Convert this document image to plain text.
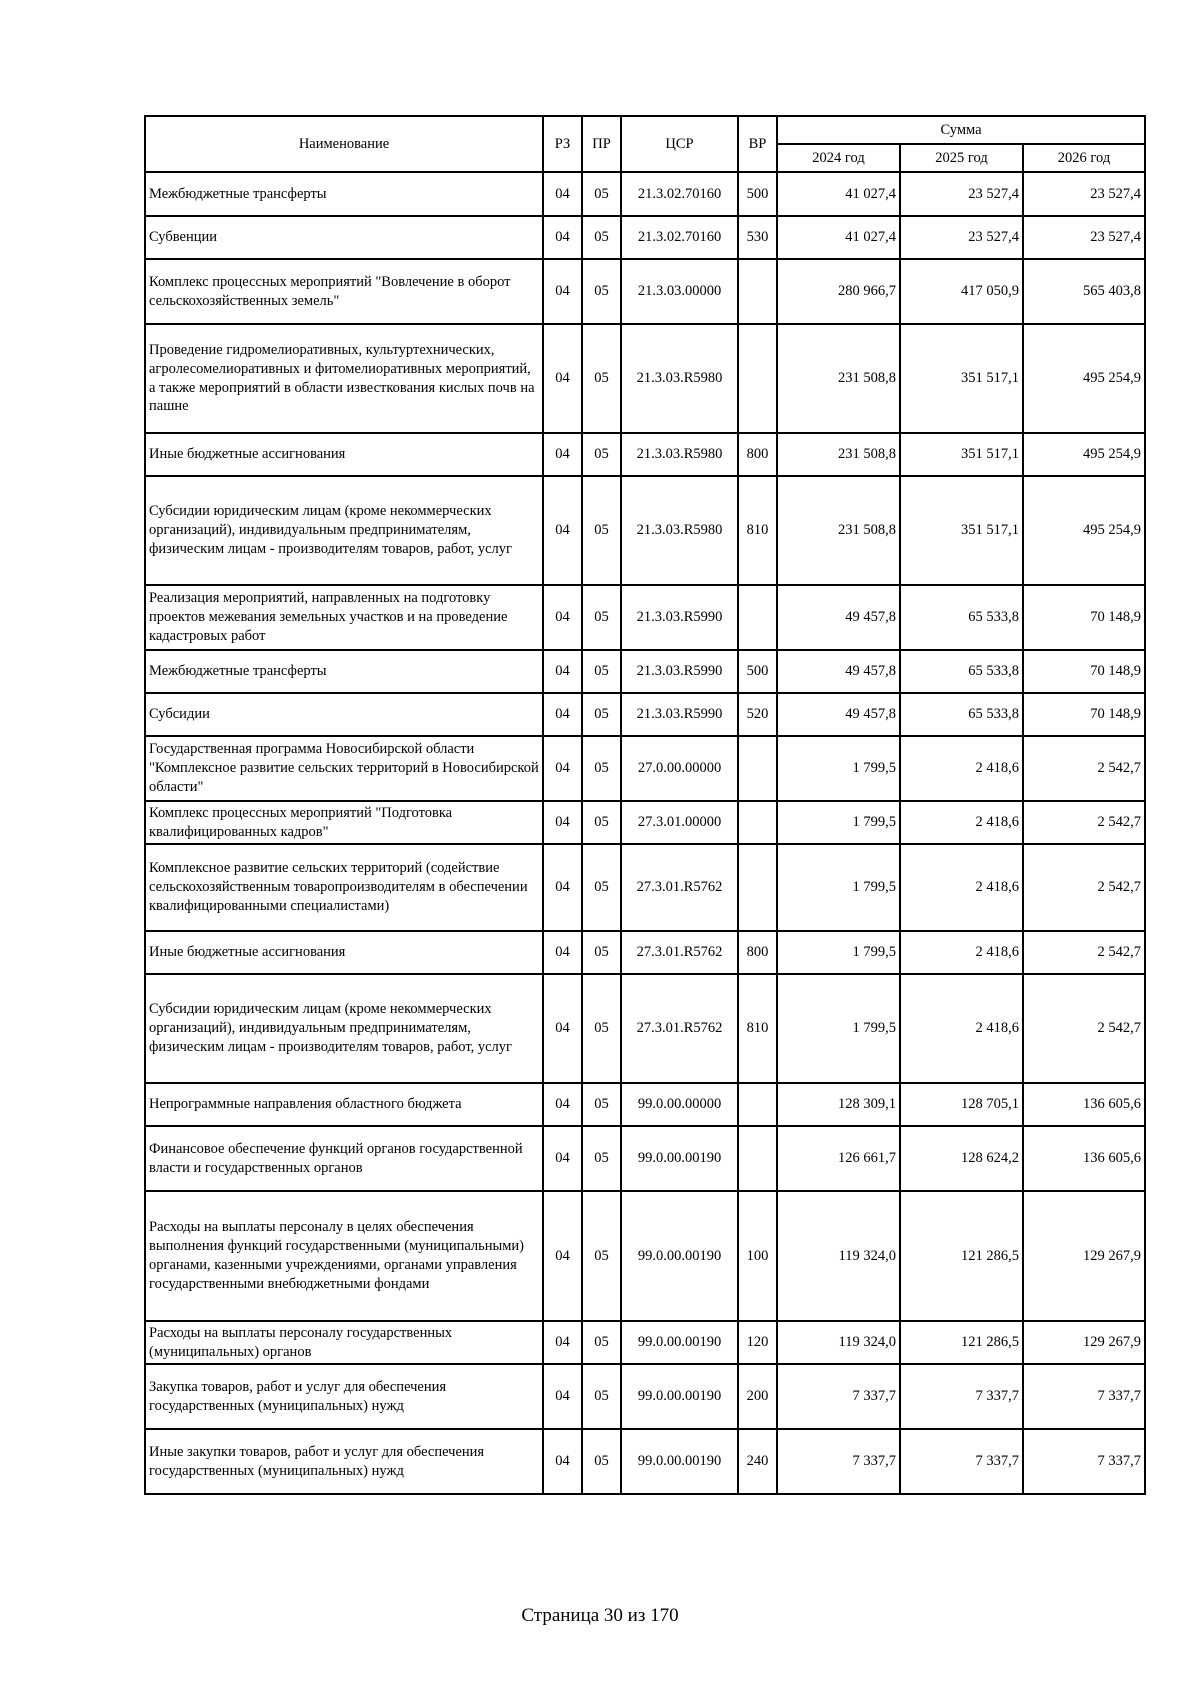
Наименование	РЗ	ПР	ЦСР	ВР	Сумма		
					2024 год	2025 год	2026 год
Межбюджетные трансферты	04	05	21.3.02.70160	500	41 027,4	23 527,4	23 527,4
Субвенции	04	05	21.3.02.70160	530	41 027,4	23 527,4	23 527,4
Комплекс процессных мероприятий "Вовлечение в оборот сельскохозяйственных земель"	04	05	21.3.03.00000		280 966,7	417 050,9	565 403,8
Проведение гидромелиоративных, культуртехнических, агролесомелиоративных и фитомелиоративных мероприятий, а также мероприятий в области известкования кислых почв на пашне	04	05	21.3.03.R5980		231 508,8	351 517,1	495 254,9
Иные бюджетные ассигнования	04	05	21.3.03.R5980	800	231 508,8	351 517,1	495 254,9
Субсидии юридическим лицам (кроме некоммерческих организаций), индивидуальным предпринимателям, физическим лицам - производителям товаров, работ, услуг	04	05	21.3.03.R5980	810	231 508,8	351 517,1	495 254,9
Реализация мероприятий, направленных на подготовку проектов межевания земельных участков и на проведение кадастровых работ	04	05	21.3.03.R5990		49 457,8	65 533,8	70 148,9
Межбюджетные трансферты	04	05	21.3.03.R5990	500	49 457,8	65 533,8	70 148,9
Субсидии	04	05	21.3.03.R5990	520	49 457,8	65 533,8	70 148,9
Государственная программа Новосибирской области "Комплексное развитие сельских территорий в Новосибирской области"	04	05	27.0.00.00000		1 799,5	2 418,6	2 542,7
Комплекс процессных мероприятий "Подготовка квалифицированных кадров"	04	05	27.3.01.00000		1 799,5	2 418,6	2 542,7
Комплексное развитие сельских территорий (содействие сельскохозяйственным товаропроизводителям в обеспечении квалифицированными специалистами)	04	05	27.3.01.R5762		1 799,5	2 418,6	2 542,7
Иные бюджетные ассигнования	04	05	27.3.01.R5762	800	1 799,5	2 418,6	2 542,7
Субсидии юридическим лицам (кроме некоммерческих организаций), индивидуальным предпринимателям, физическим лицам - производителям товаров, работ, услуг	04	05	27.3.01.R5762	810	1 799,5	2 418,6	2 542,7
Непрограммные направления областного бюджета	04	05	99.0.00.00000		128 309,1	128 705,1	136 605,6
Финансовое обеспечение функций органов государственной власти и государственных органов	04	05	99.0.00.00190		126 661,7	128 624,2	136 605,6
Расходы на выплаты персоналу в целях обеспечения выполнения функций государственными (муниципальными) органами, казенными учреждениями, органами управления государственными внебюджетными фондами	04	05	99.0.00.00190	100	119 324,0	121 286,5	129 267,9
Расходы на выплаты персоналу государственных (муниципальных) органов	04	05	99.0.00.00190	120	119 324,0	121 286,5	129 267,9
Закупка товаров, работ и услуг для обеспечения государственных (муниципальных) нужд	04	05	99.0.00.00190	200	7 337,7	7 337,7	7 337,7
Иные закупки товаров, работ и услуг для обеспечения государственных (муниципальных) нужд	04	05	99.0.00.00190	240	7 337,7	7 337,7	7 337,7
Страница 30 из 170
